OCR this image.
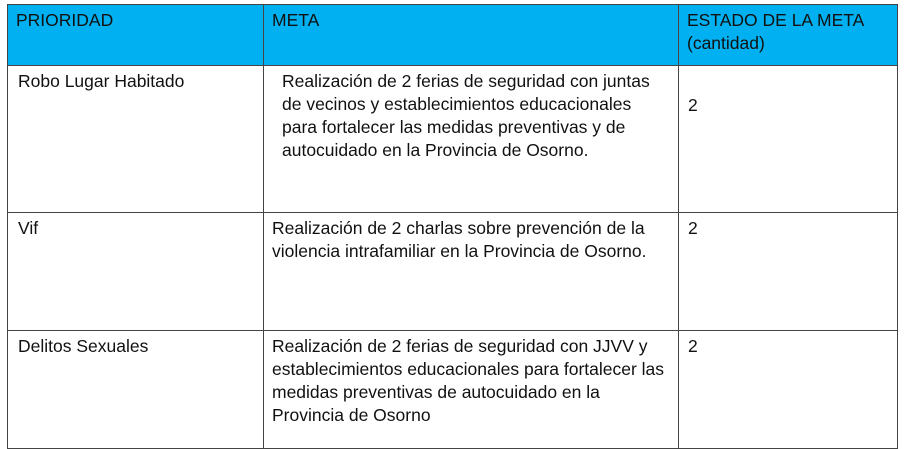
PRIORIDAD	META	ESTADO DE LA META (cantidad)
Robo Lugar Habitado	Realización de 2 ferias de seguridad con juntas de vecinos y establecimientos educacionales para fortalecer las medidas preventivas y de autocuidado en la Provincia de Osorno.	2
Vif	Realización de 2 charlas sobre prevención de la violencia intrafamiliar en la Provincia de Osorno.	2
Delitos Sexuales	Realización de 2 ferias de seguridad con JJVV y establecimientos educacionales para fortalecer las medidas preventivas de autocuidado en la Provincia de Osorno	2
